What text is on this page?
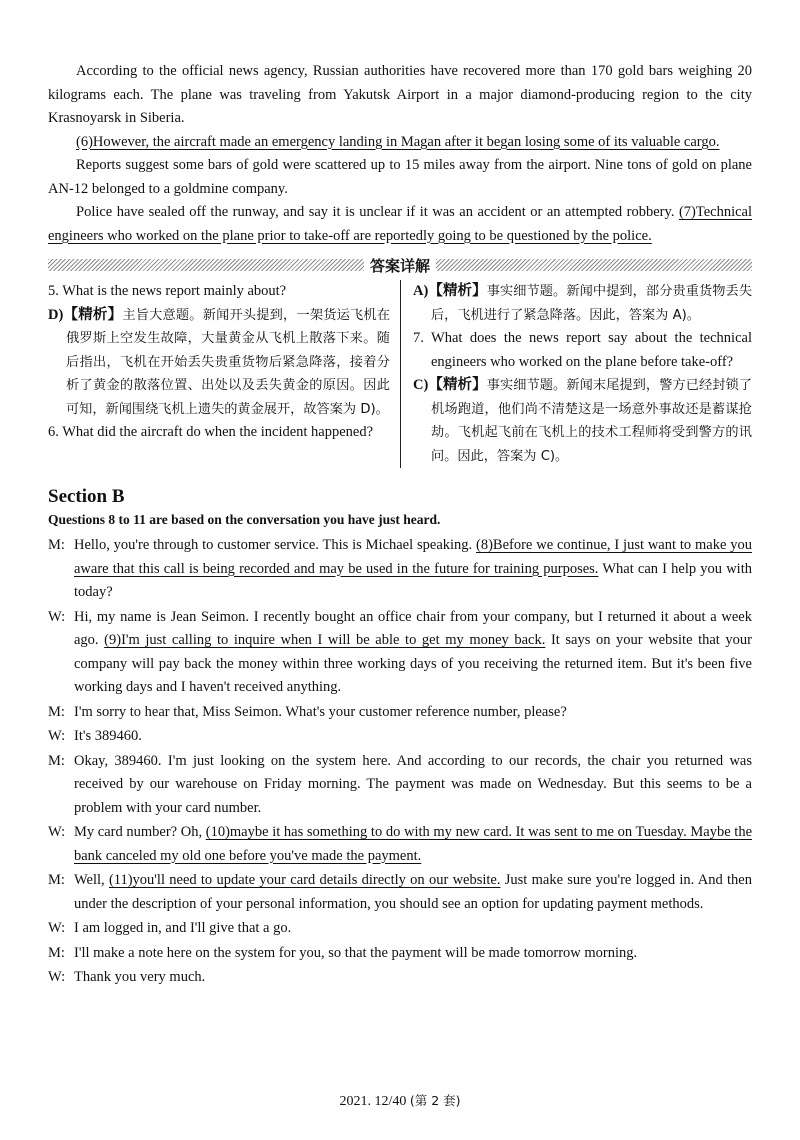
According to the official news agency, Russian authorities have recovered more than 170 gold bars weighing 20 kilograms each. The plane was traveling from Yakutsk Airport in a major diamond-producing region to the city Krasnoyarsk in Siberia.

(6)However, the aircraft made an emergency landing in Magan after it began losing some of its valuable cargo.

Reports suggest some bars of gold were scattered up to 15 miles away from the airport. Nine tons of gold on plane AN-12 belonged to a goldmine company.

Police have sealed off the runway, and say it is unclear if it was an accident or an attempted robbery. (7)Technical engineers who worked on the plane prior to take-off are reportedly going to be questioned by the police.

答案详解

5. What is the news report mainly about?

D)【精析】主旨大意题。新闻开头提到，一架货运飞机在俄罗斯上空发生故障，大量黄金从飞机上散落下来。随后指出，飞机在开始丢失贵重货物后紧急降落，接着分析了黄金的散落位置、出处以及丢失黄金的原因。因此可知，新闻围绕飞机上遗失的黄金展开，故答案为 D)。

6. What did the aircraft do when the incident happened?

A)【精析】事实细节题。新闻中提到，部分贵重货物丢失后，飞机进行了紧急降落。因此，答案为 A)。

7. What does the news report say about the technical engineers who worked on the plane before take-off?

C)【精析】事实细节题。新闻末尾提到，警方已经封锁了机场跑道，他们尚不清楚这是一场意外事故还是蓄谋抢劫。飞机起飞前在飞机上的技术工程师将受到警方的讯问。因此，答案为 C)。

Section B
Questions 8 to 11 are based on the conversation you have just heard.
M: Hello, you're through to customer service. This is Michael speaking. (8)Before we continue, I just want to make you aware that this call is being recorded and may be used in the future for training purposes. What can I help you with today?
W: Hi, my name is Jean Seimon. I recently bought an office chair from your company, but I returned it about a week ago. (9)I'm just calling to inquire when I will be able to get my money back. It says on your website that your company will pay back the money within three working days of you receiving the returned item. But it's been five working days and I haven't received anything.
M: I'm sorry to hear that, Miss Seimon. What's your customer reference number, please?
W: It's 389460.
M: Okay, 389460. I'm just looking on the system here. And according to our records, the chair you returned was received by our warehouse on Friday morning. The payment was made on Wednesday. But this seems to be a problem with your card number.
W: My card number? Oh, (10)maybe it has something to do with my new card. It was sent to me on Tuesday. Maybe the bank canceled my old one before you've made the payment.
M: Well, (11)you'll need to update your card details directly on our website. Just make sure you're logged in. And then under the description of your personal information, you should see an option for updating payment methods.
W: I am logged in, and I'll give that a go.
M: I'll make a note here on the system for you, so that the payment will be made tomorrow morning.
W: Thank you very much.
2021. 12/40 (第 2 套)
